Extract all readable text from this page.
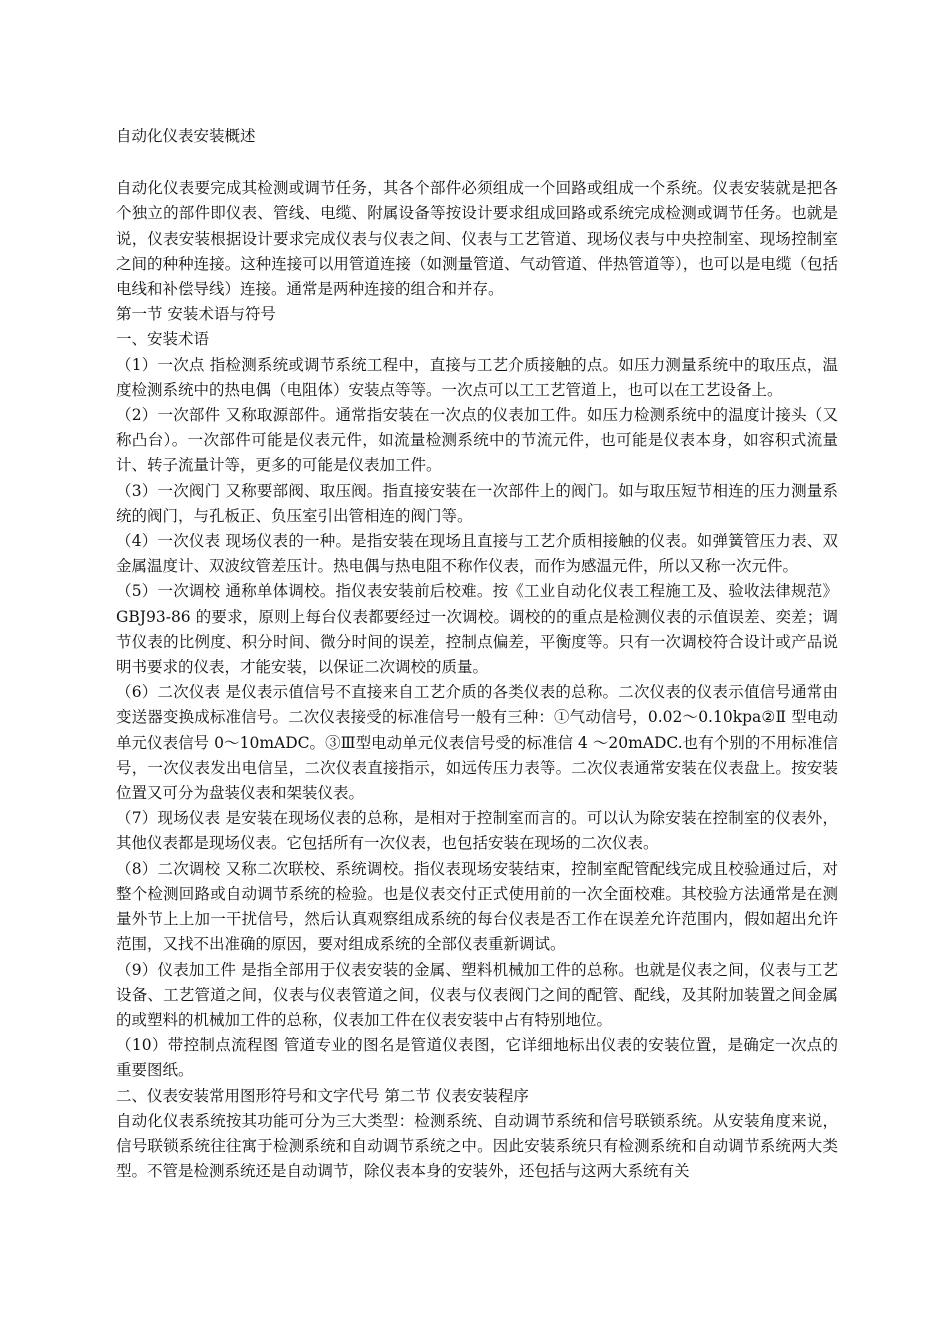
自动化仪表安装概述

自动化仪表要完成其检测或调节任务，其各个部件必须组成一个回路或组成一个系统。仪表安装就是把各个独立的部件即仪表、管线、电缆、附属设备等按设计要求组成回路或系统完成检测或调节任务。也就是说，仪表安装根据设计要求完成仪表与仪表之间、仪表与工艺管道、现场仪表与中央控制室、现场控制室之间的种种连接。这种连接可以用管道连接（如测量管道、气动管道、伴热管道等），也可以是电缆（包括电线和补偿导线）连接。通常是两种连接的组合和并存。

第一节 安装术语与符号

一、安装术语

（1）一次点 指检测系统或调节系统工程中，直接与工艺介质接触的点。如压力测量系统中的取压点，温度检测系统中的热电偶（电阻体）安装点等等。一次点可以工工艺管道上，也可以在工艺设备上。

（2）一次部件 又称取源部件。通常指安装在一次点的仪表加工件。如压力检测系统中的温度计接头（又称凸台）。一次部件可能是仪表元件，如流量检测系统中的节流元件，也可能是仪表本身，如容积式流量计、转子流量计等，更多的可能是仪表加工件。

（3）一次阀门 又称要部阀、取压阀。指直接安装在一次部件上的阀门。如与取压短节相连的压力测量系统的阀门，与孔板正、负压室引出管相连的阀门等。

（4）一次仪表 现场仪表的一种。是指安装在现场且直接与工艺介质相接触的仪表。如弹簧管压力表、双金属温度计、双波纹管差压计。热电偶与热电阻不称作仪表，而作为感温元件，所以又称一次元件。

（5）一次调校 通称单体调校。指仪表安装前后校难。按《工业自动化仪表工程施工及、验收法律规范》GBJ93-86 的要求，原则上每台仪表都要经过一次调校。调校的的重点是检测仪表的示值误差、奕差；调节仪表的比例度、积分时间、微分时间的误差，控制点偏差，平衡度等。只有一次调校符合设计或产品说明书要求的仪表，才能安装，以保证二次调校的质量。

（6）二次仪表 是仪表示值信号不直接来自工艺介质的各类仪表的总称。二次仪表的仪表示值信号通常由变送器变换成标准信号。二次仪表接受的标准信号一般有三种：①气动信号，0.02～0.10kpa②Ⅱ 型电动单元仪表信号 0～10mADC。③Ⅲ型电动单元仪表信号受的标准信 4 ～20mADC.也有个别的不用标准信号，一次仪表发出电信呈，二次仪表直接指示，如远传压力表等。二次仪表通常安装在仪表盘上。按安装位置又可分为盘装仪表和架装仪表。

（7）现场仪表 是安装在现场仪表的总称，是相对于控制室而言的。可以认为除安装在控制室的仪表外，其他仪表都是现场仪表。它包括所有一次仪表，也包括安装在现场的二次仪表。

（8）二次调校 又称二次联校、系统调校。指仪表现场安装结束，控制室配管配线完成且校验通过后，对整个检测回路或自动调节系统的检验。也是仪表交付正式使用前的一次全面校难。其校验方法通常是在测量外节上上加一干扰信号，然后认真观察组成系统的每台仪表是否工作在误差允许范围内，假如超出允许范围，又找不出准确的原因，要对组成系统的全部仪表重新调试。

（9）仪表加工件 是指全部用于仪表安装的金属、塑料机械加工件的总称。也就是仪表之间，仪表与工艺设备、工艺管道之间，仪表与仪表管道之间，仪表与仪表阀门之间的配管、配线，及其附加装置之间金属的或塑料的机械加工件的总称，仪表加工件在仪表安装中占有特别地位。

（10）带控制点流程图 管道专业的图名是管道仪表图，它详细地标出仪表的安装位置，是确定一次点的重要图纸。

二、仪表安装常用图形符号和文字代号 第二节 仪表安装程序

自动化仪表系统按其功能可分为三大类型：检测系统、自动调节系统和信号联锁系统。从安装角度来说，信号联锁系统往往寓于检测系统和自动调节系统之中。因此安装系统只有检测系统和自动调节系统两大类型。不管是检测系统还是自动调节，除仪表本身的安装外，还包括与这两大系统有关
